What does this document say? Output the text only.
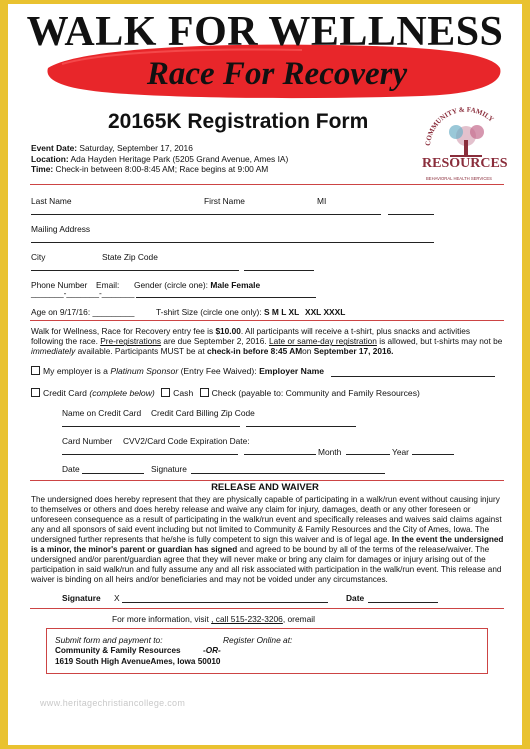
WALK FOR WELLNESS
Race For Recovery
20165K Registration Form
COMMUNITY & FAMILY
RESOURCES
BEHAVIORAL HEALTH SERVICES
Event Date: Saturday, September 17, 2016
Location: Ada Hayden Heritage Park (5205 Grand Avenue, Ames IA)
Time: Check-in between 8:00-8:45 AM; Race begins at 9:00 AM
Last Name	First Name	MI
Mailing Address
City	State Zip Code
Phone Number Email: Gender (circle one): Male Female
_______-_______-_______
Age on 9/17/16: _________	T-shirt Size (circle one only): S M L XL XXL XXXL
Walk for Wellness, Race for Recovery entry fee is $10.00. All participants will receive a t-shirt, plus snacks and activities following the race. Pre-registrations are due September 2, 2016. Late or same-day registration is allowed, but t-shirts may not be immediately available. Participants MUST be at check-in before 8:45 AMon September 17, 2016.
My employer is a Platinum Sponsor (Entry Fee Waived): Employer Name
Credit Card (complete below) Cash Check (payable to: Community and Family Resources)
Name on Credit Card Credit Card Billing Zip Code
Card Number CVV2/Card Code Expiration Date:
Month	Year
Date	Signature
RELEASE AND WAIVER
The undersigned does hereby represent that they are physically capable of participating in a walk/run event without causing injury to themselves or others and does hereby release and waive any claim for injury, damages, death or any other foreseen or unforeseen consequence as a result of participating in the walk/run event and specifically releases and waives said claims against any and all sponsors of said event including but not limited to Community & Family Resources and the City of Ames, Iowa. The undersigned further represents that he/she is fully competent to sign this waiver and is of legal age. In the event the undersigned is a minor, the minor's parent or guardian has signed and agreed to be bound by all of the terms of the release/waiver. The undersigned and/or parent/guardian agree that they will never make or bring any claim for damages or injury arising out of the participation in said walk/run and fully assume any and all risk associated with participation in the walk/run event. This release and waiver is binding on all heirs and/or beneficiaries and may not be voided under any circumstances.
Signature X	Date
For more information, visit , call 515-232-3206, oremail
Submit form and payment to:	Register Online at:
Community & Family Resources	-OR-
1619 South High AvenueAmes, Iowa 50010
www.heritagechristiancollege.com
